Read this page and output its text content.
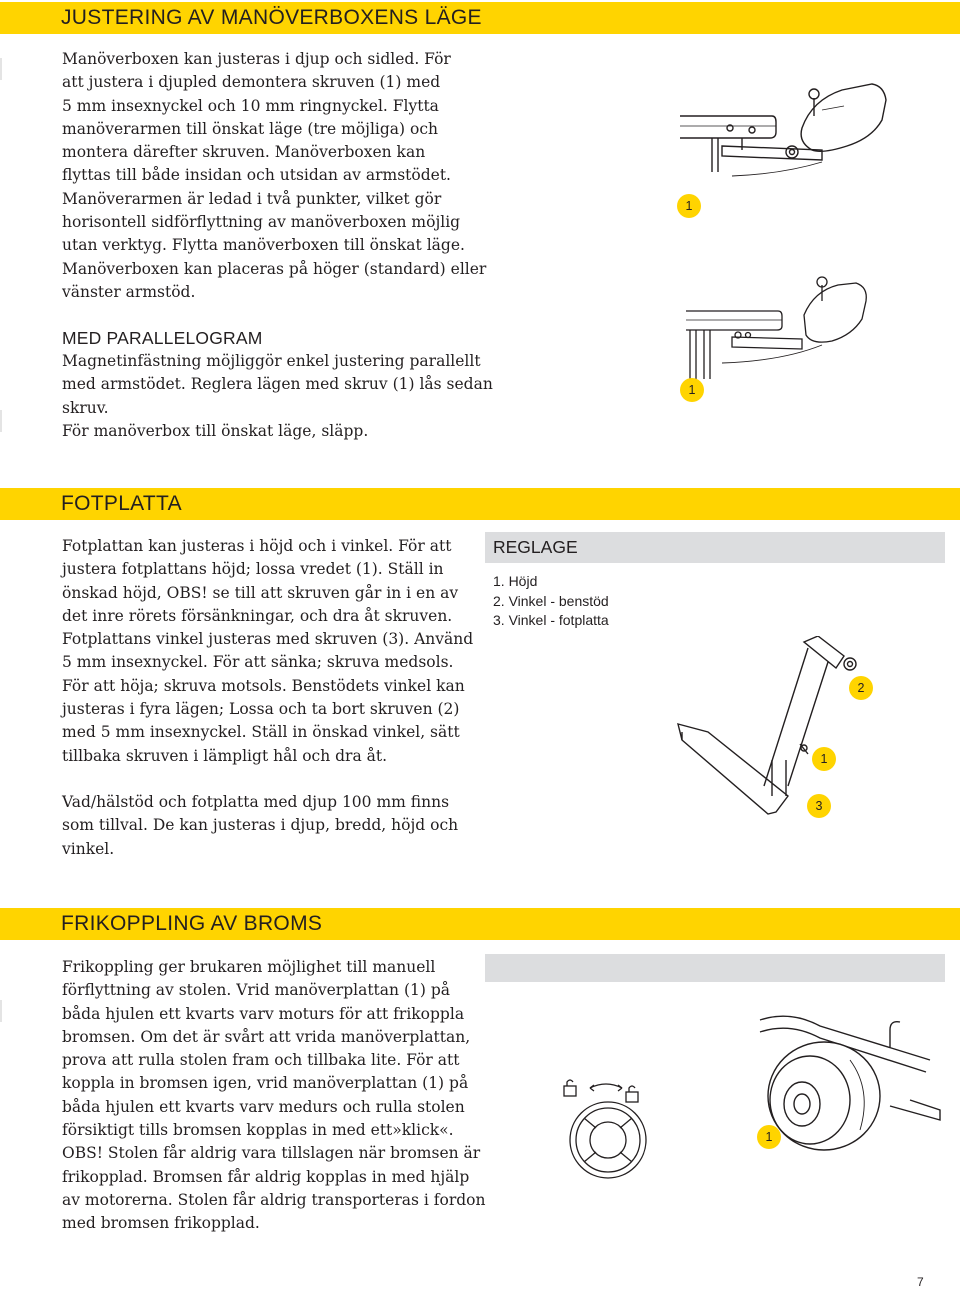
JUSTERING AV MANÖVERBOXENS LÄGE

Manöverboxen kan justeras i djup och sidled. För

att justera i djupled demontera skruven (1) med

5 mm insexnyckel och 10 mm ringnyckel. Flytta

manöverarmen till önskat läge (tre möjliga) och

montera därefter skruven. Manöverboxen kan

flyttas till både insidan och utsidan av armstödet.

Manöverarmen är ledad i två punkter, vilket gör

horisontell sidförflyttning av manöverboxen möjlig

utan verktyg. Flytta manöverboxen till önskat läge.

Manöverboxen kan placeras på höger (standard) eller

vänster armstöd.

MED PARALLELOGRAM

Magnetinfästning möjliggör enkel justering parallellt

med armstödet. Reglera lägen med skruv (1) lås sedan

skruv.

För manöverbox till önskat läge, släpp.

1
1
FOTPLATTA

Fotplattan kan justeras i höjd och i vinkel. För att

justera fotplattans höjd; lossa vredet (1). Ställ in

önskad höjd, OBS! se till att skruven går in i en av

det inre rörets försänkningar, och dra åt skruven.

Fotplattans vinkel justeras med skruven (3). Använd

5 mm insexnyckel. För att sänka; skruva medsols.

För att höja; skruva motsols. Benstödets vinkel kan

justeras i fyra lägen; Lossa och ta bort skruven (2)

med 5 mm insexnyckel. Ställ in önskad vinkel, sätt

tillbaka skruven i lämpligt hål och dra åt.

Vad/hälstöd och fotplatta med djup 100 mm finns

som tillval. De kan justeras i djup, bredd, höjd och

vinkel.

REGLAGE
1. Höjd
2. Vinkel - benstöd
3. Vinkel - fotplatta
2
1
3
FRIKOPPLING AV BROMS

Frikoppling ger brukaren möjlighet till manuell

förflyttning av stolen. Vrid manöverplattan (1) på

båda hjulen ett kvarts varv moturs för att frikoppla

bromsen. Om det är svårt att vrida manöverplattan,

prova att rulla stolen fram och tillbaka lite. För att

koppla in bromsen igen, vrid manöverplattan (1) på

båda hjulen ett kvarts varv medurs och rulla stolen

försiktigt tills bromsen kopplas in med ett»klick«.

OBS! Stolen får aldrig vara tillslagen när bromsen är

frikopplad. Bromsen får aldrig kopplas in med hjälp

av motorerna. Stolen får aldrig transporteras i fordon

med bromsen frikopplad.

1
7
